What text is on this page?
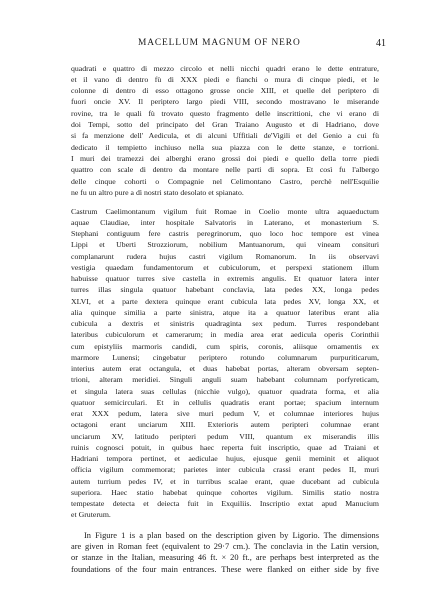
MACELLUM MAGNUM OF NERO	41
quadrati e quattro di mezzo circolo et nelli nicchi quadri erano le dette entrature,
et il vano di dentro fù di XXX piedi e fianchi o mura di cinque piedi, et le
colonne di dentro di esso ottagono grosse oncie XIII, et quelle del periptero di
fuori oncie XV. Il periptero largo piedi VIII, secondo mostravano le miserande
rovine, tra le quali fù trovato questo fragmento delle inscrittioni, che vi erano di
doi Tempi, sotto del principato del Gran Traiano Augusto et di Hadriano, dove
si fa menzione dell' Aedicula, et di alcuni Uffitiali de'Vigili et del Genio a cui fù
dedicato il tempietto inchiuso nella sua piazza con le dette stanze, e torrioni.
I muri dei tramezzi dei alberghi erano grossi doi piedi e quello della torre piedi
quattro con scale di dentro da montare nelle parti di sopra. Et così fu l'albergo
delle cinque cohorti o Compagnie nel Celimontano Castro, perchè nell'Esquilie
ne fu un altro pure a dì nostri stato desolato et spianato.
Castrum Caelimontanum vigilum fuit Romae in Coelio monte ultra aquaeductum
aquae Claudiae, inter hospitale Salvatoris in Laterano, et monasterium S.
Stephani contiguum fere castris peregrinorum, quo loco hoc tempore est vinea
Lippi et Uberti Strozziorum, nobilium Mantuanorum, qui vineam consituri
complanarunt rudera hujus castri vigilum Romanorum. In iis observavi
vestigia quaedam fundamentorum et cubiculorum, et perspexi stationem illum
habuisse quatuor turres sive castella in extremis angulis. Et quatuor latera inter
turres illas singula quatuor habebant conclavia, lata pedes XX, longa pedes
XLVI, et a parte dextera quinque erant cubicula lata pedes XV, longa XX, et
alia quinque similia a parte sinistra, atque ita a quatuor lateribus erant alia
cubicula a dextris et sinistris quadraginta sex pedum. Turres respondebant
lateribus cubiculorum et camerarum; in media area erat aedicula operis Corinthii
cum epistyliis marmoris candidi, cum spiris, coronis, aliisque ornamentis ex
marmore Lunensi; cingebatur periptero rotundo columnarum purpuriticarum,
interius autem erat octangula, et duas habebat portas, alteram obversam septen-
trioni, alteram meridiei. Singuli anguli suam habebant columnam porfyreticam,
et singula latera suas cellulas (nicchie vulgo), quatuor quadrata forma, et alia
quatuor semicirculari. Et in cellulis quadratis erant portae; spacium internum
erat XXX pedum, latera sive muri pedum V, et columnae interiores hujus
octagoni erant unciarum XIII. Exterioris autem peripteri columnae erant
unciarum XV, latitudo peripteri pedum VIII, quantum ex miserandis illis
ruinis cognosci potuit, in quibus haec reperta fuit inscriptio, quae ad Traiani et
Hadriani tempora pertinet, et aediculae hujus, ejusque genii meminit et aliquot
officia vigilum commemorat; parietes inter cubicula crassi erant pedes II, muri
autem turrium pedes IV, et in turribus scalae erant, quae ducebant ad cubicula
superiora. Haec statio habebat quinque cohortes vigilum. Similis statio nostra
tempestate detecta et deiecta fuit in Exquiliis. Inscriptio extat apud Manucium
et Gruterum.
In Figure 1 is a plan based on the description given by Ligorio. The dimensions
are given in Roman feet (equivalent to 29·7 cm.). The conclavia in the Latin version,
or stanze in the Italian, measuring 46 ft. × 20 ft., are perhaps best interpreted as the
foundations of the four main entrances. These were flanked on either side by five
